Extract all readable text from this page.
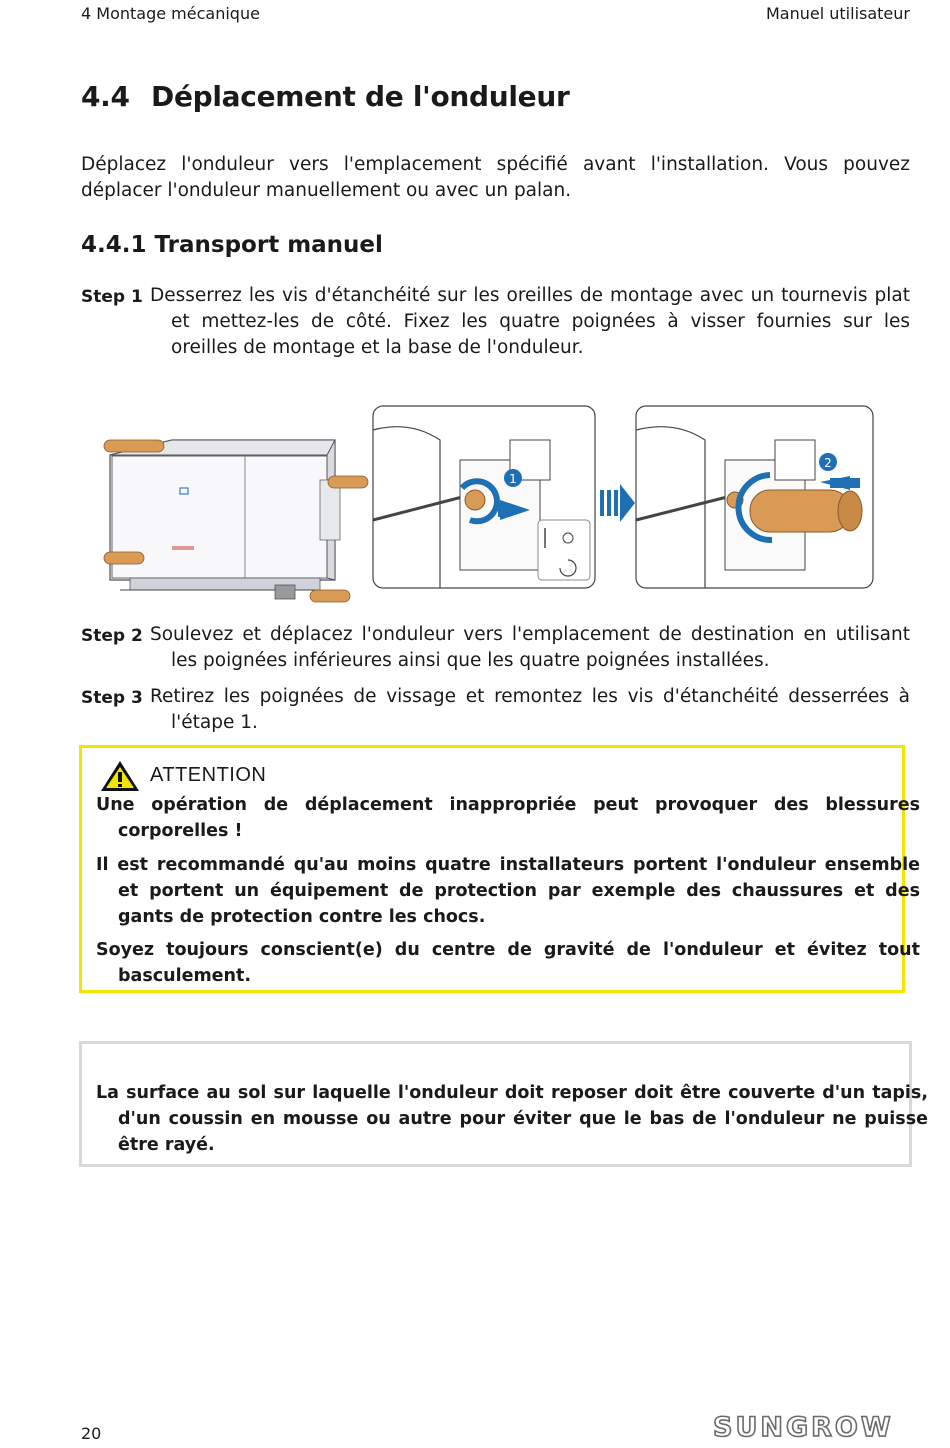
4 Montage mécanique	Manuel utilisateur
4.4 Déplacement de l'onduleur

Déplacez l'onduleur vers l'emplacement spécifié avant l'installation. Vous pouvez déplacer l'onduleur manuellement ou avec un palan.

4.4.1 Transport manuel
Step 1 Desserrez les vis d'étanchéité sur les oreilles de montage avec un tournevis plat et mettez-les de côté. Fixez les quatre poignées à visser fournies sur les oreilles de montage et la base de l'onduleur.
1
2
Step 2 Soulevez et déplacez l'onduleur vers l'emplacement de destination en utilisant les poignées inférieures ainsi que les quatre poignées installées.
Step 3 Retirez les poignées de vissage et remontez les vis d'étanchéité desserrées à l'étape 1.
ATTENTION

Une opération de déplacement inappropriée peut provoquer des blessures corporelles !

Il est recommandé qu'au moins quatre installateurs portent l'onduleur ensemble et portent un équipement de protection par exemple des chaussures et des gants de protection contre les chocs.

Soyez toujours conscient(e) du centre de gravité de l'onduleur et évitez tout basculement.

La surface au sol sur laquelle l'onduleur doit reposer doit être couverte d'un tapis, d'un coussin en mousse ou autre pour éviter que le bas de l'onduleur ne puisse être rayé.

20	SUNGROW
